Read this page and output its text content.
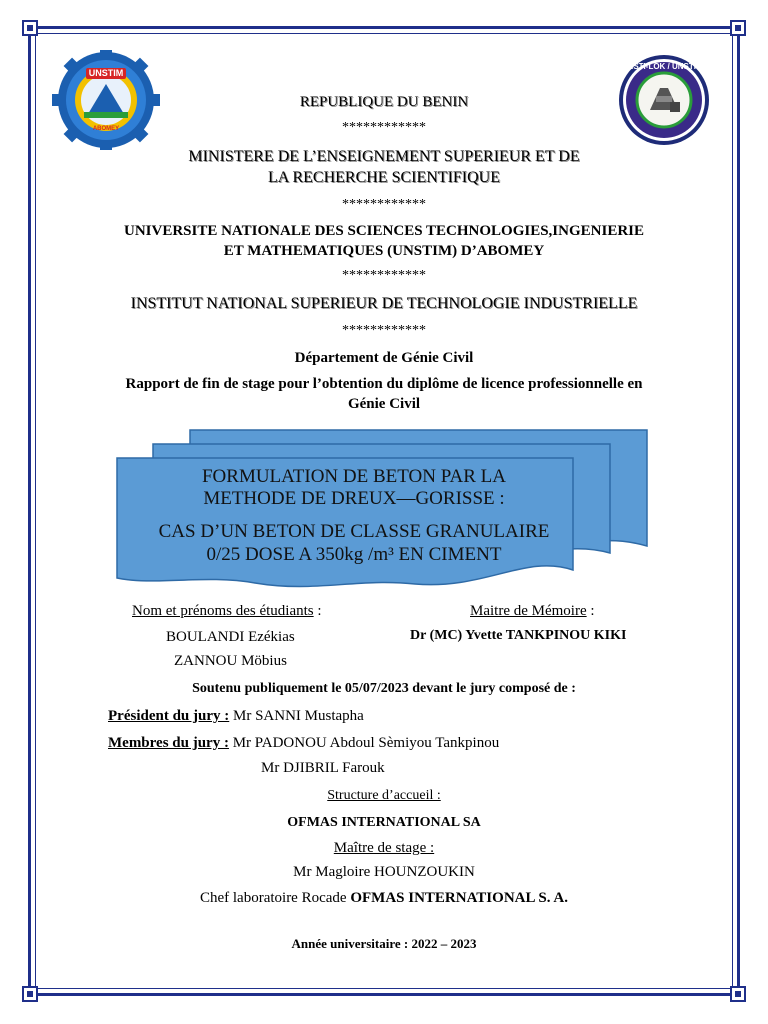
UNSTIM
ABOMEY
INSTI-LOK / UNSTIM
REPUBLIQUE DU BENIN
************
MINISTERE DE L’ENSEIGNEMENT SUPERIEUR ET DE
LA RECHERCHE SCIENTIFIQUE
************
UNIVERSITE NATIONALE DES SCIENCES TECHNOLOGIES,INGENIERIE
ET MATHEMATIQUES (UNSTIM) D’ABOMEY
************
INSTITUT NATIONAL SUPERIEUR DE TECHNOLOGIE INDUSTRIELLE
************
Département de Génie Civil
Rapport de fin de stage pour l’obtention du diplôme de licence professionnelle en
Génie Civil
FORMULATION DE BETON PAR LA
METHODE DE DREUX—GORISSE :
CAS D’UN BETON DE CLASSE GRANULAIRE
0/25 DOSE A 350kg /m³ EN CIMENT
Nom et prénoms des étudiants :
BOULANDI Ezékias
ZANNOU Möbius
Maitre de Mémoire :
Dr (MC) Yvette TANKPINOU KIKI
Soutenu publiquement le 05/07/2023 devant le jury composé de :
Président du jury : Mr SANNI Mustapha
Membres du jury : Mr PADONOU Abdoul Sèmiyou Tankpinou
Mr DJIBRIL Farouk
Structure d’accueil :
OFMAS INTERNATIONAL SA
Maître de stage :
Mr Magloire HOUNZOUKIN
Chef laboratoire Rocade OFMAS INTERNATIONAL S. A.
Année universitaire : 2022 – 2023
